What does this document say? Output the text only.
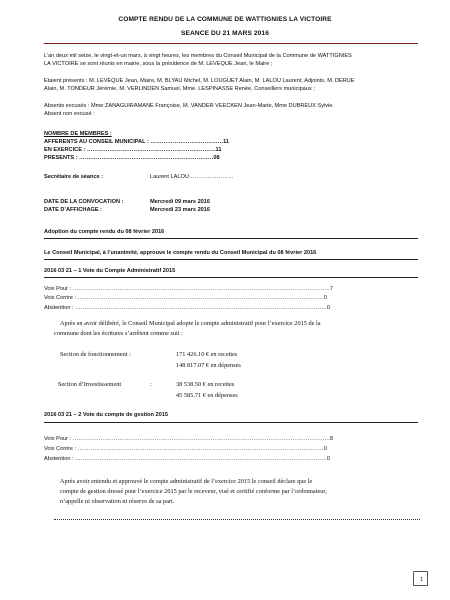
COMPTE RENDU DE LA COMMUNE DE WATTIGNIES LA VICTOIRE
SEANCE DU 21 MARS 2016
L’an deux mil seize, le vingt-et-un mars, à vingt heures, les membres du Conseil Municipal de la Commune de WATTIGNIES
LA VICTOIRE se sont réunis en mairie, sous la présidence de M. LEVEQUE Jean, le Maire ;
Etaient présents : M. LEVEQUE Jean, Maire, M. BLYAU Michel, M. LOUGUET Alain, M. LALOU Laurent, Adjoints, M. DERUE
Alain, M. TONDEUR Jérémie, M. VERLINDEN Samuel, Mme. LESPINASSE Renée, Conseillers municipaux ;
Absents excusés : Mme ZANAGUIRAMANE Françoise, M. VANDER VEECKEN Jean-Marie, Mme DUBREUX Sylvie.
Absent non excusé :
NOMBRE DE MEMBRES :
AFFERENTS AU CONSEIL MUNICIPAL : …………………………………11
EN EXERCICE : ……………………………………………………………11
PRESENTS : ………………………………………………………………08
Secrétaire de séance :	Laurent LALOU……………………
DATE DE LA CONVOCATION :	Mercredi 09 mars 2016
DATE D’AFFICHAGE :	Mercredi 23 mars 2016
Adoption du compte rendu du 08 février 2016
Le Conseil Municipal, à l’unanimité, approuve le compte rendu du Conseil Municipal du 08 février 2016
2016 03 21 – 1 Vote du Compte Administratif 2015
Voix Pour : …………………………………………………………………………………………………………………………7
Voix Contre : ……………………………………………………………………………………………………………………0
Abstention : ………………………………………………………………………………………………………………………0
Après en avoir délibéré, le Conseil Municipal adopte le compte administratif pour l’exercice 2015 de la
commune dont les écritures s’arrêtent comme suit :
Section de fonctionnement :	171 426.10 € en recettes
148 817.07 € en dépenses
Section d’Investissement	:	38 538.50 € en recettes
45 585.71 € en dépenses
2016 03 21 – 2 Vote du compte de gestion 2015
Voix Pour : …………………………………………………………………………………………………………………………8
Voix Contre : ……………………………………………………………………………………………………………………0
Abstention : ………………………………………………………………………………………………………………………0
Après avoir entendu et approuvé le compte administratif de l’exercice 2015 le conseil déclare que le
compte de gestion dressé pour l’exercice 2015 par le receveur, visé et certifié conforme par l’ordonnateur,
n’appelle ni observation ni réserve de sa part.
1
